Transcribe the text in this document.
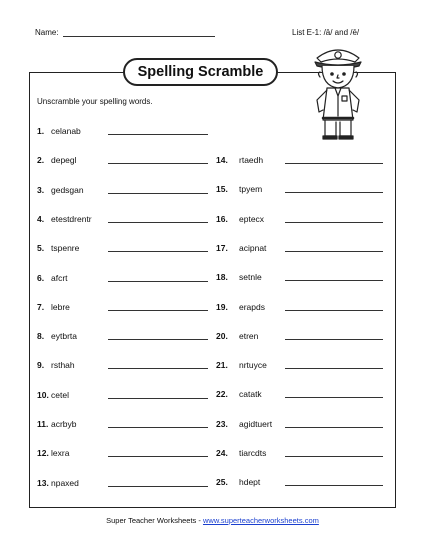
Name:	List E-1: /ā/ and /ē/
Spelling Scramble
Unscramble your spelling words.
1. celanab
2. depegl
3. gedsgan
4. etestdrentr
5. tspenre
6. afcrt
7. lebre
8. eytbrta
9. rsthah
10. cetel
11. acrbyb
12. lexra
13. npaxed
14. rtaedh
15. tpyem
16. eptecx
17. acipnat
18. setnle
19. erapds
20. etren
21. nrtuyce
22. catatk
23. agidtuert
24. tiarcdts
25. hdept
Super Teacher Worksheets - www.superteacherworksheets.com
